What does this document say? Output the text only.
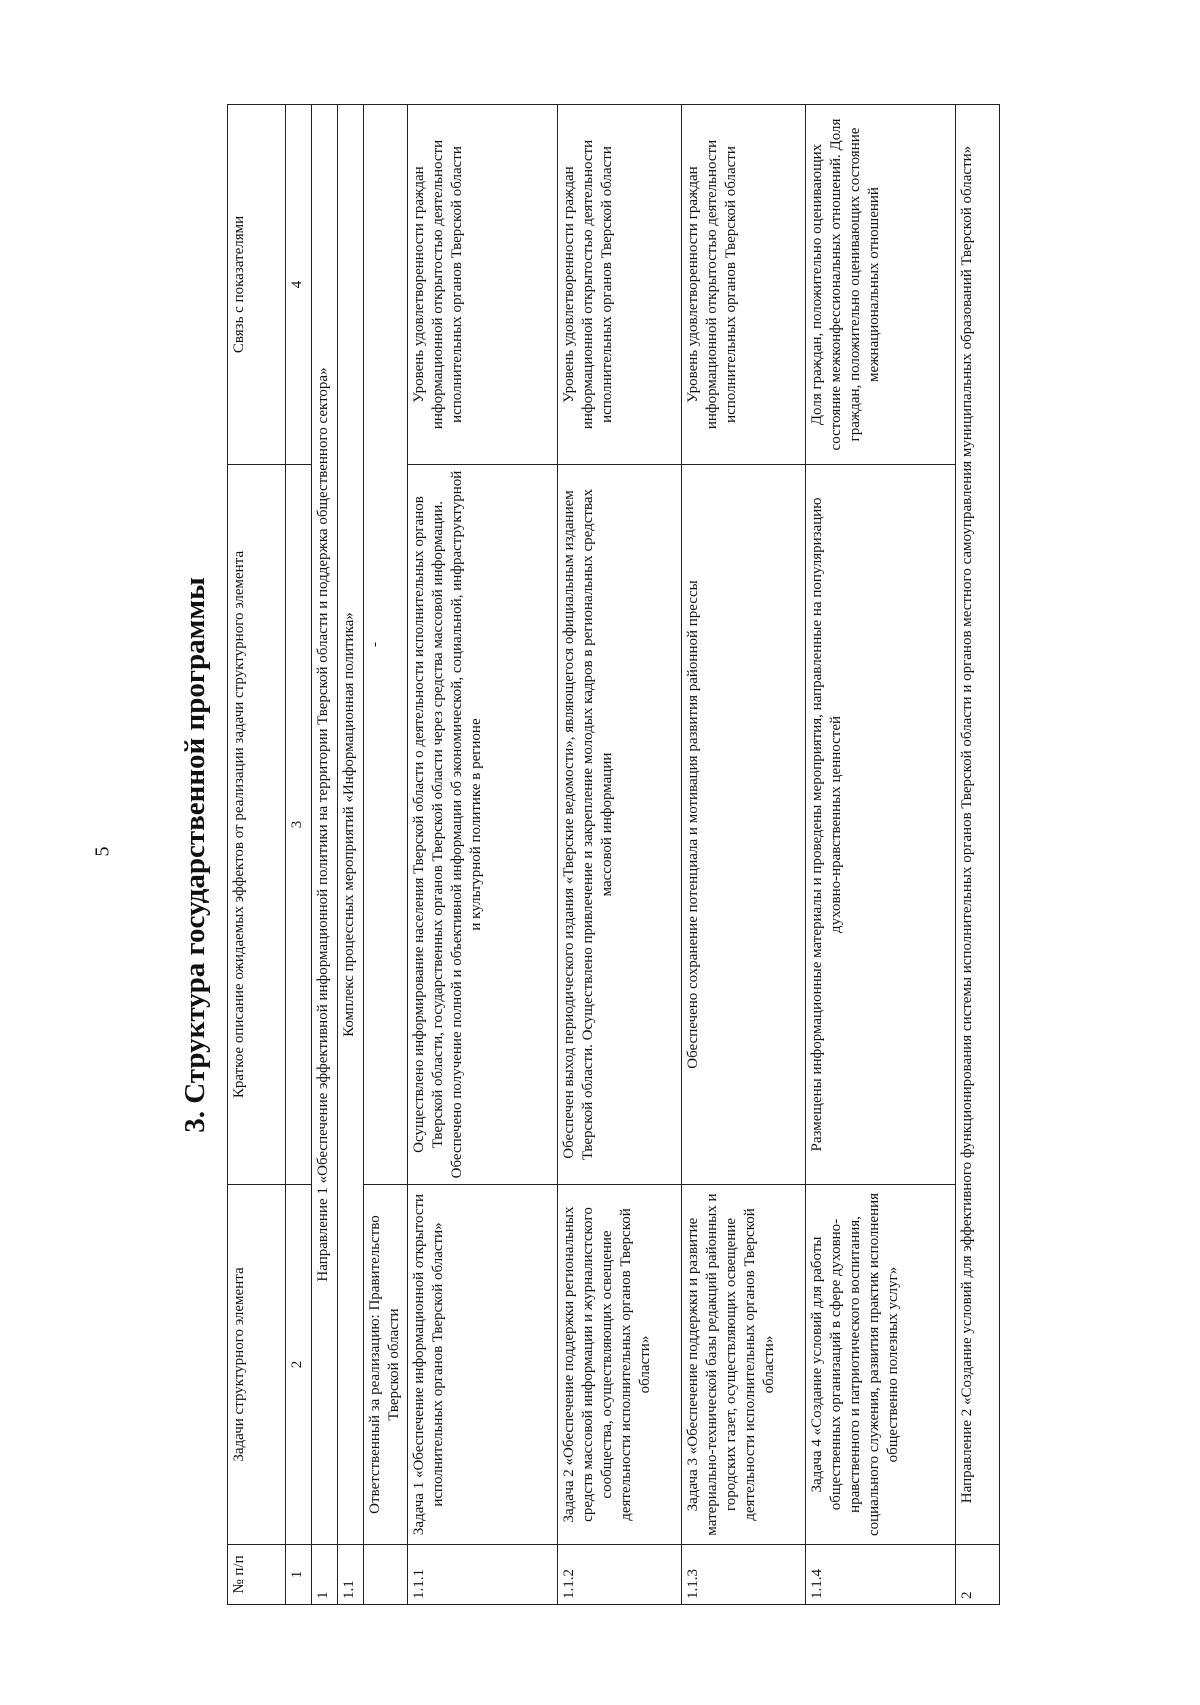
5	3. Структура государственной программы
№ п/п	Задачи структурного элемента	Краткое описание ожидаемых эффектов от реализации задачи структурного элемента	Связь с показателями
1	2	3	4
1	Направление 1 «Обеспечение эффективной информационной политики на территории Тверской области и поддержка общественного сектора»		
1.1	Комплекс процессных мероприятий «Информационная политика»		
	Ответственный за реализацию: Правительство Тверской области	-	
1.1.1	Задача 1 «Обеспечение информационной открытости исполнительных органов Тверской области»	Осуществлено информирование населения Тверской области о деятельности исполнительных органов Тверской области, государственных органов Тверской области через средства массовой информации. Обеспечено получение полной и объективной информации об экономической, социальной, инфраструктурной и культурной политике в регионе	Уровень удовлетворенности граждан информационной открытостью деятельности исполнительных органов Тверской области
1.1.2	Задача 2 «Обеспечение поддержки региональных средств массовой информации и журналистского сообщества, осуществляющих освещение деятельности исполнительных органов Тверской области»	Обеспечен выход периодического издания «Тверские ведомости», являющегося официальным изданием Тверской области. Осуществлено привлечение и закрепление молодых кадров в региональных средствах массовой информации	Уровень удовлетворенности граждан информационной открытостью деятельности исполнительных органов Тверской области
1.1.3	Задача 3 «Обеспечение поддержки и развитие материально-технической базы редакций районных и городских газет, осуществляющих освещение деятельности исполнительных органов Тверской области»	Обеспечено сохранение потенциала и мотивация развития районной прессы	Уровень удовлетворенности граждан информационной открытостью деятельности исполнительных органов Тверской области
1.1.4	Задача 4 «Создание условий для работы общественных организаций в сфере духовно-нравственного и патриотического воспитания, социального служения, развития практик исполнения общественно полезных услуг»	Размещены информационные материалы и проведены мероприятия, направленные на популяризацию духовно-нравственных ценностей	Доля граждан, положительно оценивающих состояние межконфессиональных отношений. Доля граждан, положительно оценивающих состояние межнациональных отношений
2	Направление 2 «Создание условий для эффективного функционирования системы исполнительных органов Тверской области и органов местного самоуправления муниципальных образований Тверской области»		
